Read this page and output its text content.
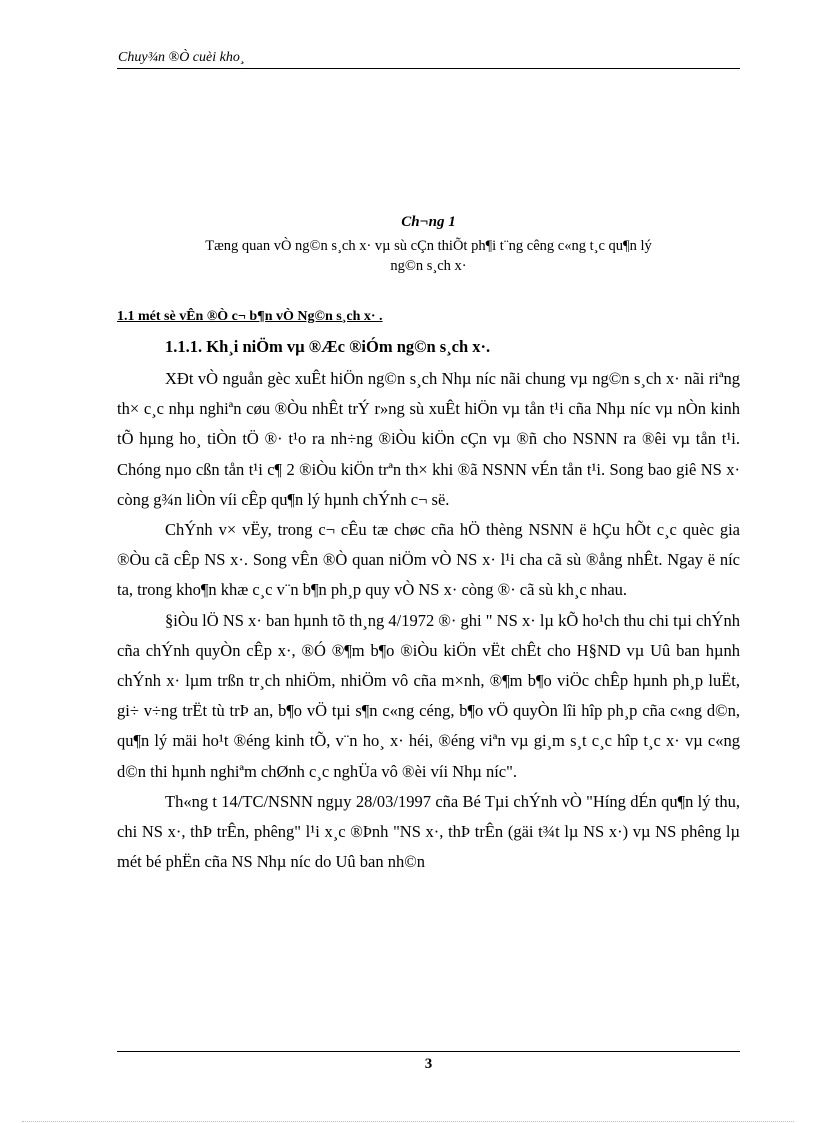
Chuy¾n ®Ò cuèi kho¸
Ch¬ng 1
Tæng quan vÒ ng©n s¸ch x· vµ sù cÇn thiÕt ph¶i t¨ng cêng c«ng t¸c qu¶n lý
ng©n s¸ch x·
1.1 mét sè vÊn ®Ò c¬ b¶n vÒ Ng©n s¸ch x· .
1.1.1. Kh¸i niÖm vµ ®Æc ®iÓm ng©n s¸ch x·.

XÐt vÒ nguån gèc xuÊt hiÖn ng©n s¸ch Nhµ níc nãi chung vµ ng©n s¸ch x· nãi riªng th× c¸c nhµ nghiªn cøu ®Òu nhÊt trÝ r»ng sù xuÊt hiÖn vµ tån t¹i cña Nhµ níc vµ nÒn kinh tÕ hµng ho¸ tiÒn tÖ ®· t¹o ra nh÷ng ®iÒu kiÖn cÇn vµ ®ñ cho NSNN ra ®êi vµ tån t¹i. Chóng nµo cßn tån t¹i c¶ 2 ®iÒu kiÖn trªn th× khi ®ã NSNN vÉn tån t¹i. Song bao giê NS x· còng g¾n liÒn víi cÊp qu¶n lý hµnh chÝnh c¬ së.

ChÝnh v× vËy, trong c¬ cÊu tæ chøc cña hÖ thèng NSNN ë hÇu hÕt c¸c quèc gia ®Òu cã cÊp NS x·. Song vÊn ®Ò quan niÖm vÒ NS x· l¹i cha cã sù ®ång nhÊt. Ngay ë níc ta, trong kho¶n khæ c¸c v¨n b¶n ph¸p quy vÒ NS x· còng ®· cã sù kh¸c nhau.

§iÒu lÖ NS x· ban hµnh tõ th¸ng 4/1972 ®· ghi " NS x· lµ kÕ ho¹ch thu chi tµi chÝnh cña chÝnh quyÒn cÊp x·, ®Ó ®¶m b¶o ®iÒu kiÖn vËt chÊt cho H§ND vµ Uû ban hµnh chÝnh x· lµm trßn tr¸ch nhiÖm, nhiÖm vô cña m×nh, ®¶m b¶o viÖc chÊp hµnh ph¸p luËt, gi÷ v÷ng trËt tù trÞ an, b¶o vÖ tµi s¶n c«ng céng, b¶o vÖ quyÒn lîi hîp ph¸p cña c«ng d©n, qu¶n lý mäi ho¹t ®éng kinh tÕ, v¨n ho¸ x· héi, ®éng viªn vµ gi¸m s¸t c¸c hîp t¸c x· vµ c«ng d©n thi hµnh nghiªm chØnh c¸c nghÜa vô ®èi víi Nhµ níc".

Th«ng t 14/TC/NSNN ngµy 28/03/1997 cña Bé Tµi chÝnh vÒ "Híng dÉn qu¶n lý thu, chi NS x·, thÞ trÊn, phêng" l¹i x¸c ®Þnh "NS x·, thÞ trÊn (gäi t¾t lµ NS x·) vµ NS phêng lµ mét bé phËn cña NS Nhµ níc do Uû ban nh©n

3
